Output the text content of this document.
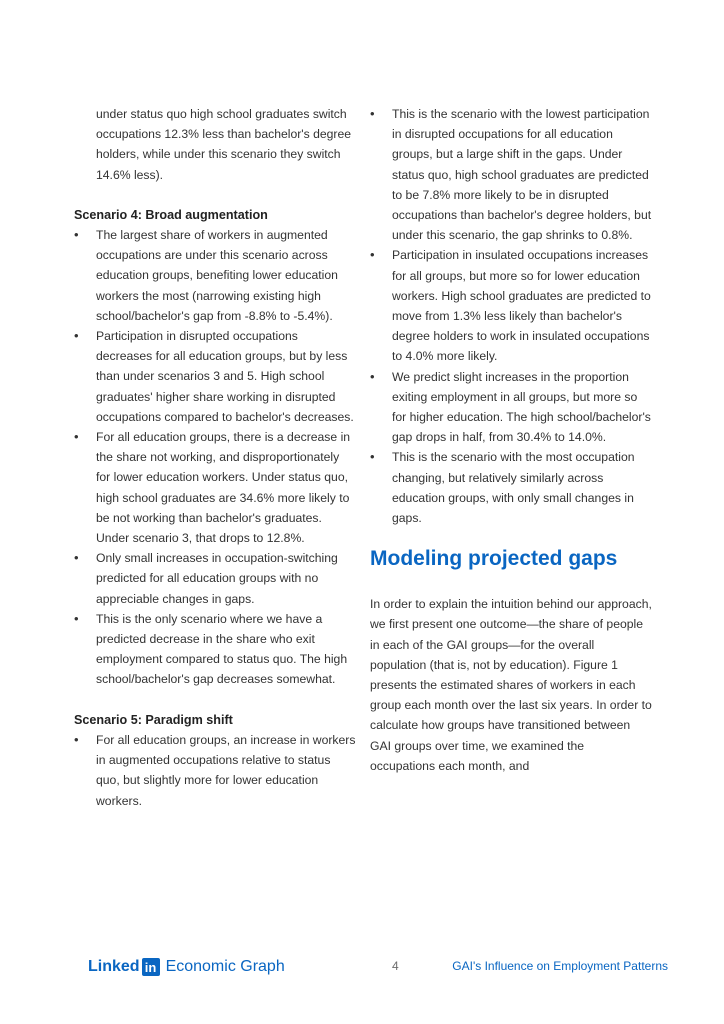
under status quo high school graduates switch occupations 12.3% less than bachelor's degree holders, while under this scenario they switch 14.6% less).

Scenario 4: Broad augmentation
• The largest share of workers in augmented occupations are under this scenario across education groups, benefiting lower education workers the most (narrowing existing high school/bachelor's gap from -8.8% to -5.4%).
• Participation in disrupted occupations decreases for all education groups, but by less than under scenarios 3 and 5. High school graduates' higher share working in disrupted occupations compared to bachelor's decreases.
• For all education groups, there is a decrease in the share not working, and disproportionately for lower education workers. Under status quo, high school graduates are 34.6% more likely to be not working than bachelor's graduates. Under scenario 3, that drops to 12.8%.
• Only small increases in occupation-switching predicted for all education groups with no appreciable changes in gaps.
• This is the only scenario where we have a predicted decrease in the share who exit employment compared to status quo. The high school/bachelor's gap decreases somewhat.
Scenario 5: Paradigm shift
• For all education groups, an increase in workers in augmented occupations relative to status quo, but slightly more for lower education workers.
• This is the scenario with the lowest participation in disrupted occupations for all education groups, but a large shift in the gaps. Under status quo, high school graduates are predicted to be 7.8% more likely to be in disrupted occupations than bachelor's degree holders, but under this scenario, the gap shrinks to 0.8%.
• Participation in insulated occupations increases for all groups, but more so for lower education workers. High school graduates are predicted to move from 1.3% less likely than bachelor's degree holders to work in insulated occupations to 4.0% more likely.
• We predict slight increases in the proportion exiting employment in all groups, but more so for higher education. The high school/bachelor's gap drops in half, from 30.4% to 14.0%.
• This is the scenario with the most occupation changing, but relatively similarly across education groups, with only small changes in gaps.
Modeling projected gaps

In order to explain the intuition behind our approach, we first present one outcome—the share of people in each of the GAI groups—for the overall population (that is, not by education). Figure 1 presents the estimated shares of workers in each group each month over the last six years. In order to calculate how groups have transitioned between GAI groups over time, we examined the occupations each month, and

Linked in Economic Graph	4	GAI's Influence on Employment Patterns
